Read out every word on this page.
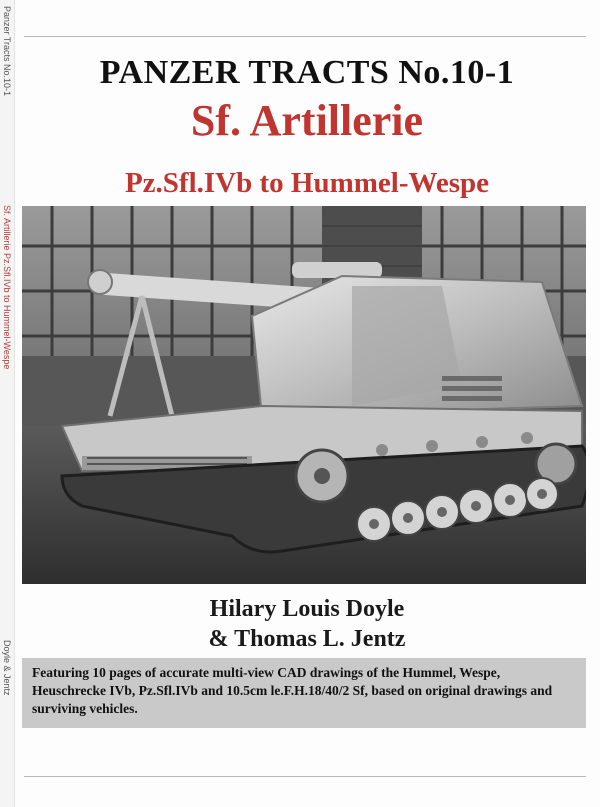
Panzer Tracts No.10-1
Sf. Artillerie Pz.Sfl.IVb to Hummel-Wespe
Doyle & Jentz
PANZER TRACTS No.10-1
Sf. Artillerie
Pz.Sfl.IVb to Hummel-Wespe
Hilary Louis Doyle
& Thomas L. Jentz
Featuring 10 pages of accurate multi-view CAD drawings of the Hummel, Wespe, Heuschrecke IVb, Pz.Sfl.IVb and 10.5cm le.F.H.18/40/2 Sf, based on original drawings and surviving vehicles.
